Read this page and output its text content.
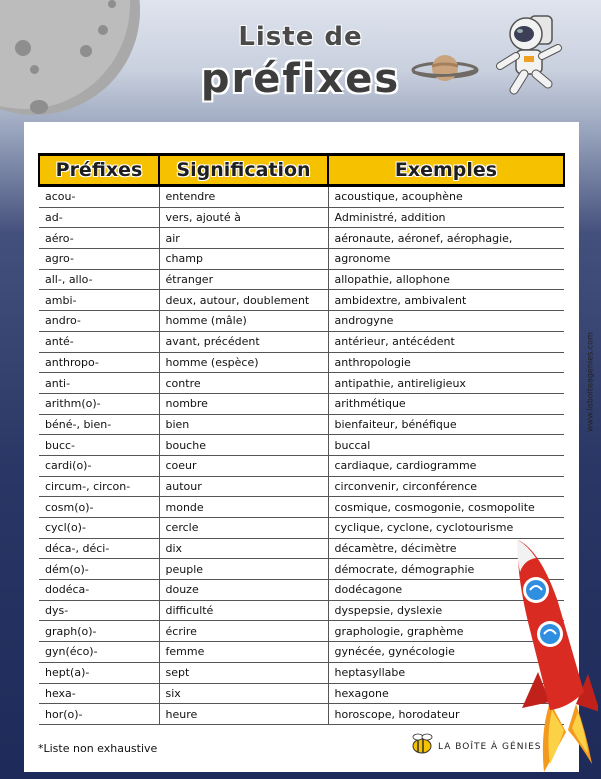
Liste de
préfixes
www.laboiteagenies.com
Préfixes	Signification	Exemples
acou-	entendre	acoustique, acouphène
ad-	vers, ajouté à	Administré, addition
aéro-	air	aéronaute, aéronef, aérophagie,
agro-	champ	agronome
all-, allo-	étranger	allopathie, allophone
ambi-	deux, autour, doublement	ambidextre, ambivalent
andro-	homme (mâle)	androgyne
anté-	avant, précédent	antérieur, antécédent
anthropo-	homme (espèce)	anthropologie
anti-	contre	antipathie, antireligieux
arithm(o)-	nombre	arithmétique
béné-, bien-	bien	bienfaiteur, bénéfique
bucc-	bouche	buccal
cardi(o)-	coeur	cardiaque, cardiogramme
circum-, circon-	autour	circonvenir, circonférence
cosm(o)-	monde	cosmique, cosmogonie, cosmopolite
cycl(o)-	cercle	cyclique, cyclone, cyclotourisme
déca-, déci-	dix	décamètre, décimètre
dém(o)-	peuple	démocrate, démographie
dodéca-	douze	dodécagone
dys-	difficulté	dyspepsie, dyslexie
graph(o)-	écrire	graphologie, graphème
gyn(éco)-	femme	gynécée, gynécologie
hept(a)-	sept	heptasyllabe
hexa-	six	hexagone
hor(o)-	heure	horoscope, horodateur
*Liste non exhaustive	LA BOÎTE À GÉNIES
